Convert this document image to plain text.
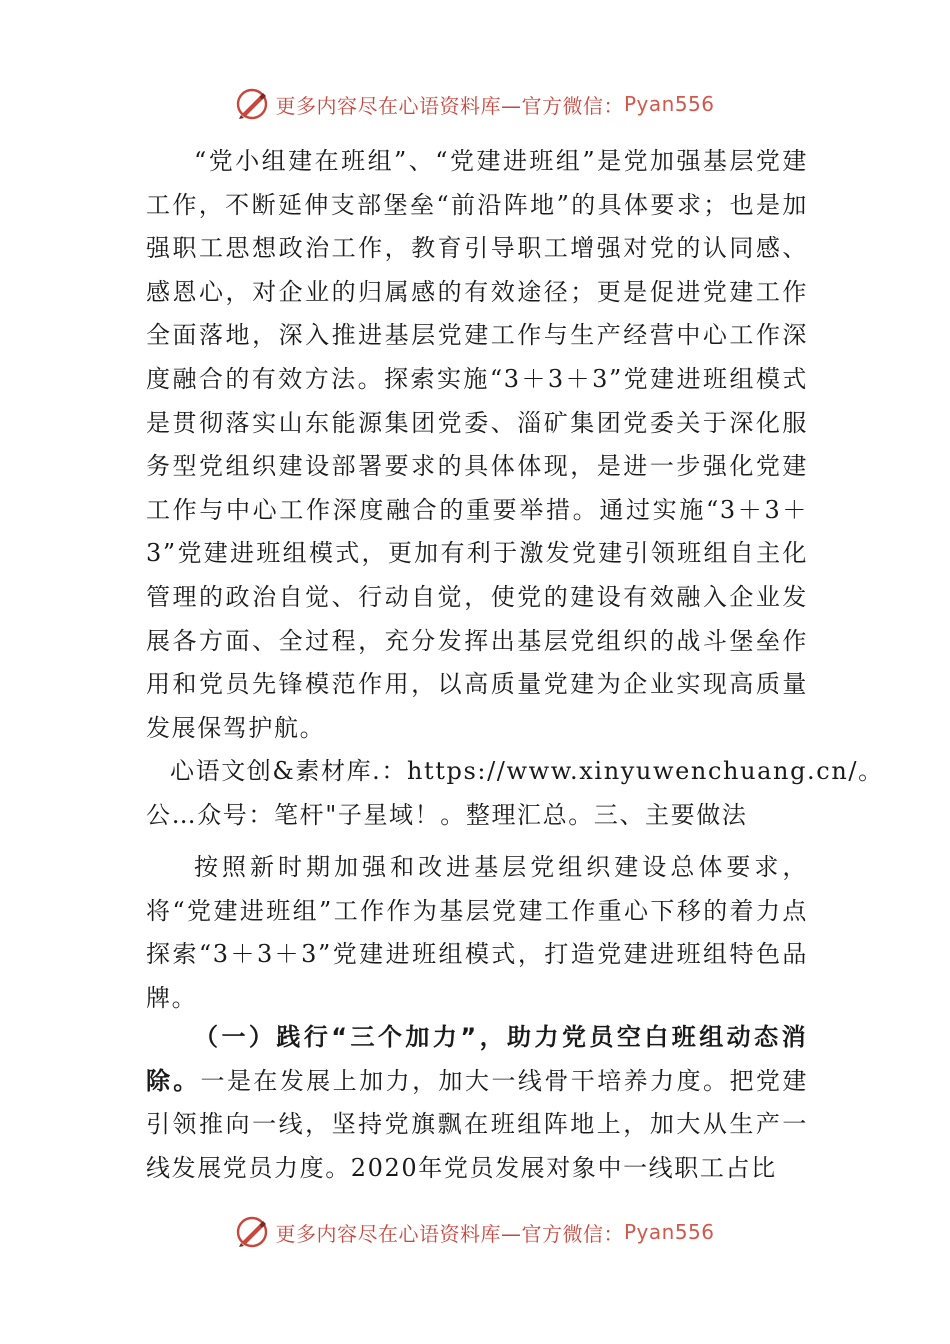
更多内容尽在心语资料库—官方微信： Pyan556

“党小组建在班组”、“党建进班组”是党加强基层党建工作，不断延伸支部堡垒“前沿阵地”的具体要求；也是加强职工思想政治工作，教育引导职工增强对党的认同感、感恩心，对企业的归属感的有效途径；更是促进党建工作全面落地，深入推进基层党建工作与生产经营中心工作深度融合的有效方法。探索实施“3＋3＋3”党建进班组模式是贯彻落实山东能源集团党委、淄矿集团党委关于深化服务型党组织建设部署要求的具体体现，是进一步强化党建工作与中心工作深度融合的重要举措。通过实施“3＋3＋3”党建进班组模式，更加有利于激发党建引领班组自主化管理的政治自觉、行动自觉，使党的建设有效融入企业发展各方面、全过程，充分发挥出基层党组织的战斗堡垒作用和党员先锋模范作用，以高质量党建为企业实现高质量发展保驾护航。

心语文创&素材库.：https://www.xinyuwenchuang.cn/。
公…众号：笔杆"子星域！。整理汇总。三、主要做法

按照新时期加强和改进基层党组织建设总体要求，将“党建进班组”工作作为基层党建工作重心下移的着力点探索“3＋3＋3”党建进班组模式，打造党建进班组特色品牌。

（一）践行“三个加力”，助力党员空白班组动态消除。一是在发展上加力，加大一线骨干培养力度。把党建引领推向一线，坚持党旗飘在班组阵地上，加大从生产一线发展党员力度。2020年党员发展对象中一线职工占比

更多内容尽在心语资料库—官方微信： Pyan556
